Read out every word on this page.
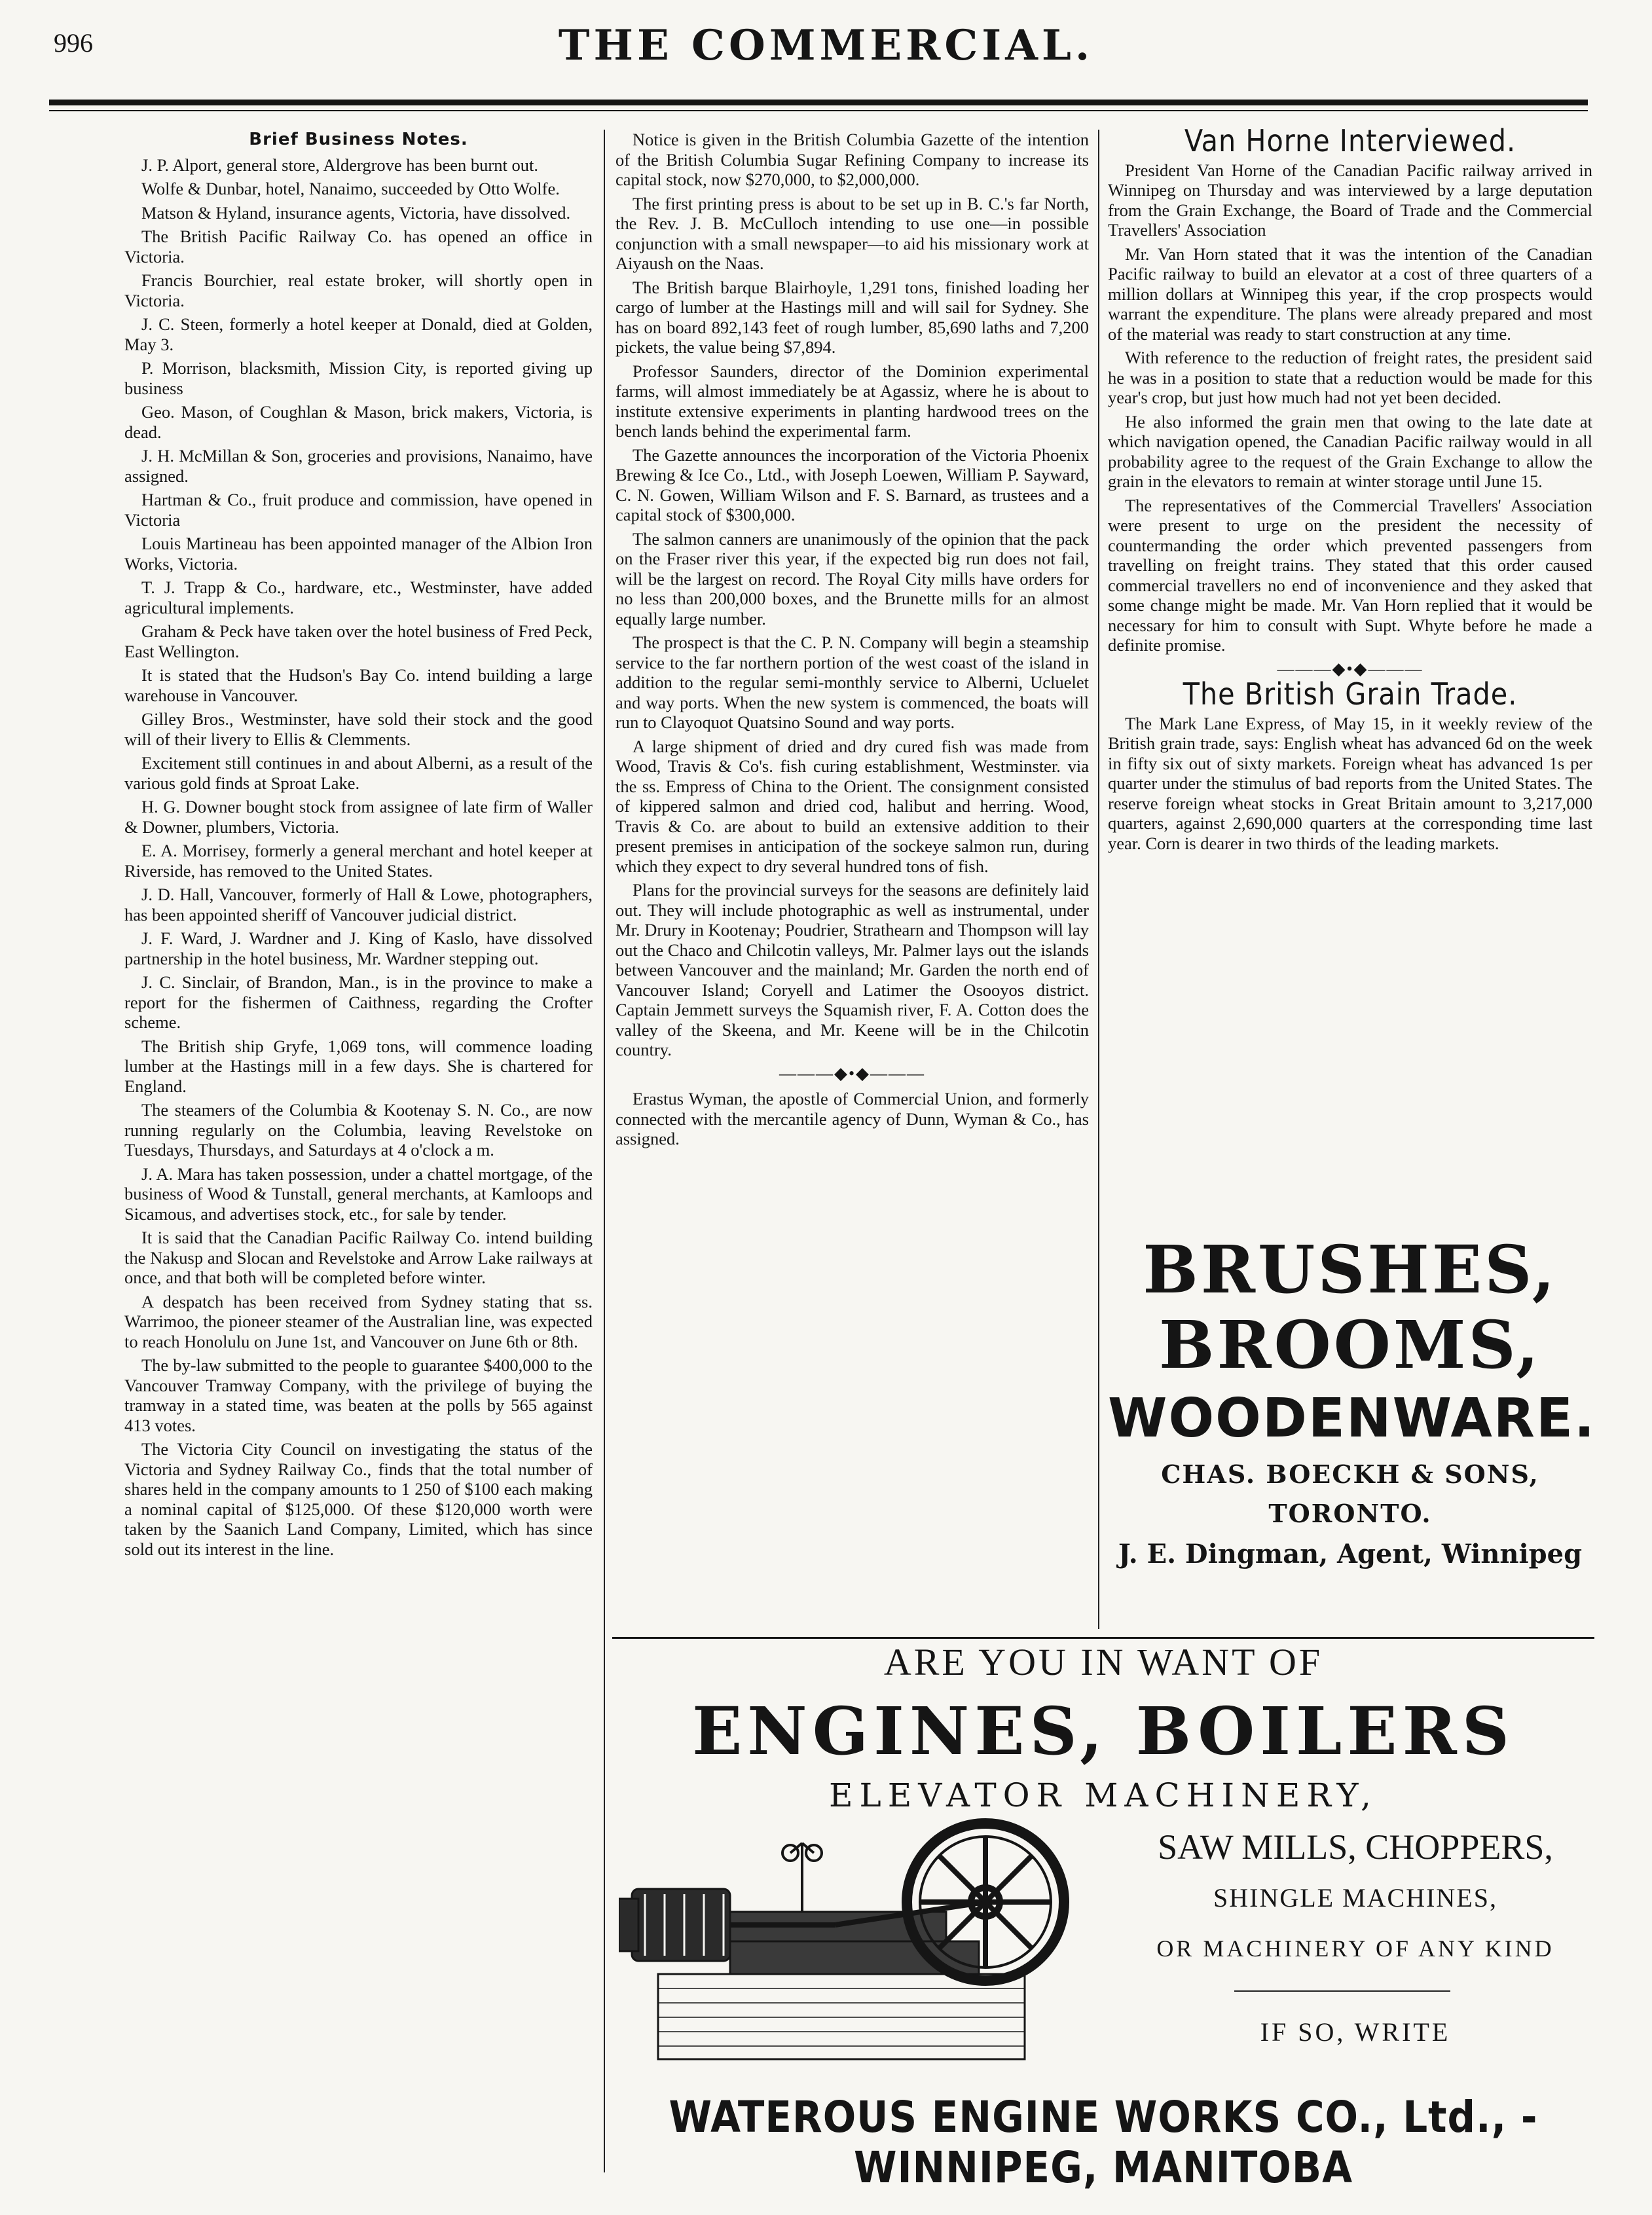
996	THE COMMERCIAL.
Brief Business Notes.

J. P. Alport, general store, Aldergrove has been burnt out.

Wolfe & Dunbar, hotel, Nanaimo, succeeded by Otto Wolfe.

Matson & Hyland, insurance agents, Victoria, have dissolved.

The British Pacific Railway Co. has opened an office in Victoria.

Francis Bourchier, real estate broker, will shortly open in Victoria.

J. C. Steen, formerly a hotel keeper at Donald, died at Golden, May 3.

P. Morrison, blacksmith, Mission City, is reported giving up business

Geo. Mason, of Coughlan & Mason, brick makers, Victoria, is dead.

J. H. McMillan & Son, groceries and provisions, Nanaimo, have assigned.

Hartman & Co., fruit produce and commission, have opened in Victoria

Louis Martineau has been appointed manager of the Albion Iron Works, Victoria.

T. J. Trapp & Co., hardware, etc., Westminster, have added agricultural implements.

Graham & Peck have taken over the hotel business of Fred Peck, East Wellington.

It is stated that the Hudson's Bay Co. intend building a large warehouse in Vancouver.

Gilley Bros., Westminster, have sold their stock and the good will of their livery to Ellis & Clemments.

Excitement still continues in and about Alberni, as a result of the various gold finds at Sproat Lake.

H. G. Downer bought stock from assignee of late firm of Waller & Downer, plumbers, Victoria.

E. A. Morrisey, formerly a general merchant and hotel keeper at Riverside, has removed to the United States.

J. D. Hall, Vancouver, formerly of Hall & Lowe, photographers, has been appointed sheriff of Vancouver judicial district.

J. F. Ward, J. Wardner and J. King of Kaslo, have dissolved partnership in the hotel business, Mr. Wardner stepping out.

J. C. Sinclair, of Brandon, Man., is in the province to make a report for the fishermen of Caithness, regarding the Crofter scheme.

The British ship Gryfe, 1,069 tons, will commence loading lumber at the Hastings mill in a few days. She is chartered for England.

The steamers of the Columbia & Kootenay S. N. Co., are now running regularly on the Columbia, leaving Revelstoke on Tuesdays, Thursdays, and Saturdays at 4 o'clock a m.

J. A. Mara has taken possession, under a chattel mortgage, of the business of Wood & Tunstall, general merchants, at Kamloops and Sicamous, and advertises stock, etc., for sale by tender.

It is said that the Canadian Pacific Railway Co. intend building the Nakusp and Slocan and Revelstoke and Arrow Lake railways at once, and that both will be completed before winter.

A despatch has been received from Sydney stating that ss. Warrimoo, the pioneer steamer of the Australian line, was expected to reach Honolulu on June 1st, and Vancouver on June 6th or 8th.

The by-law submitted to the people to guarantee $400,000 to the Vancouver Tramway Company, with the privilege of buying the tramway in a stated time, was beaten at the polls by 565 against 413 votes.

The Victoria City Council on investigating the status of the Victoria and Sydney Railway Co., finds that the total number of shares held in the company amounts to 1 250 of $100 each making a nominal capital of $125,000. Of these $120,000 worth were taken by the Saanich Land Company, Limited, which has since sold out its interest in the line.

Notice is given in the British Columbia Gazette of the intention of the British Columbia Sugar Refining Company to increase its capital stock, now $270,000, to $2,000,000.

The first printing press is about to be set up in B. C.'s far North, the Rev. J. B. McCulloch intending to use one—in possible conjunction with a small newspaper—to aid his missionary work at Aiyaush on the Naas.

The British barque Blairhoyle, 1,291 tons, finished loading her cargo of lumber at the Hastings mill and will sail for Sydney. She has on board 892,143 feet of rough lumber, 85,690 laths and 7,200 pickets, the value being $7,894.

Professor Saunders, director of the Dominion experimental farms, will almost immediately be at Agassiz, where he is about to institute extensive experiments in planting hardwood trees on the bench lands behind the experimental farm.

The Gazette announces the incorporation of the Victoria Phoenix Brewing & Ice Co., Ltd., with Joseph Loewen, William P. Sayward, C. N. Gowen, William Wilson and F. S. Barnard, as trustees and a capital stock of $300,000.

The salmon canners are unanimously of the opinion that the pack on the Fraser river this year, if the expected big run does not fail, will be the largest on record. The Royal City mills have orders for no less than 200,000 boxes, and the Brunette mills for an almost equally large number.

The prospect is that the C. P. N. Company will begin a steamship service to the far northern portion of the west coast of the island in addition to the regular semi-monthly service to Alberni, Ucluelet and way ports. When the new system is commenced, the boats will run to Clayoquot Quatsino Sound and way ports.

A large shipment of dried and dry cured fish was made from Wood, Travis & Co's. fish curing establishment, Westminster. via the ss. Empress of China to the Orient. The consignment consisted of kippered salmon and dried cod, halibut and herring. Wood, Travis & Co. are about to build an extensive addition to their present premises in anticipation of the sockeye salmon run, during which they expect to dry several hundred tons of fish.

Plans for the provincial surveys for the seasons are definitely laid out. They will include photographic as well as instrumental, under Mr. Drury in Kootenay; Poudrier, Strathearn and Thompson will lay out the Chaco and Chilcotin valleys, Mr. Palmer lays out the islands between Vancouver and the mainland; Mr. Garden the north end of Vancouver Island; Coryell and Latimer the Osooyos district. Captain Jemmett surveys the Squamish river, F. A. Cotton does the valley of the Skeena, and Mr. Keene will be in the Chilcotin country.

———◆•◆———

Erastus Wyman, the apostle of Commercial Union, and formerly connected with the mercantile agency of Dunn, Wyman & Co., has assigned.

Van Horne Interviewed.

President Van Horne of the Canadian Pacific railway arrived in Winnipeg on Thursday and was interviewed by a large deputation from the Grain Exchange, the Board of Trade and the Commercial Travellers' Association

Mr. Van Horn stated that it was the intention of the Canadian Pacific railway to build an elevator at a cost of three quarters of a million dollars at Winnipeg this year, if the crop prospects would warrant the expenditure. The plans were already prepared and most of the material was ready to start construction at any time.

With reference to the reduction of freight rates, the president said he was in a position to state that a reduction would be made for this year's crop, but just how much had not yet been decided.

He also informed the grain men that owing to the late date at which navigation opened, the Canadian Pacific railway would in all probability agree to the request of the Grain Exchange to allow the grain in the elevators to remain at winter storage until June 15.

The representatives of the Commercial Travellers' Association were present to urge on the president the necessity of countermanding the order which prevented passengers from travelling on freight trains. They stated that this order caused commercial travellers no end of inconvenience and they asked that some change might be made. Mr. Van Horn replied that it would be necessary for him to consult with Supt. Whyte before he made a definite promise.

———◆•◆———
The British Grain Trade.

The Mark Lane Express, of May 15, in it weekly review of the British grain trade, says: English wheat has advanced 6d on the week in fifty six out of sixty markets. Foreign wheat has advanced 1s per quarter under the stimulus of bad reports from the United States. The reserve foreign wheat stocks in Great Britain amount to 3,217,000 quarters, against 2,690,000 quarters at the corresponding time last year. Corn is dearer in two thirds of the leading markets.

BRUSHES,
BROOMS,
WOODENWARE.
CHAS. BOECKH & SONS,
TORONTO.
J. E. Dingman, Agent, Winnipeg
ARE YOU IN WANT OF
ENGINES, BOILERS
ELEVATOR MACHINERY,
SAW MILLS, CHOPPERS,
SHINGLE MACHINES,
OR MACHINERY OF ANY KIND
IF SO, WRITE
WATEROUS ENGINE WORKS CO., Ltd., - WINNIPEG, MANITOBA
